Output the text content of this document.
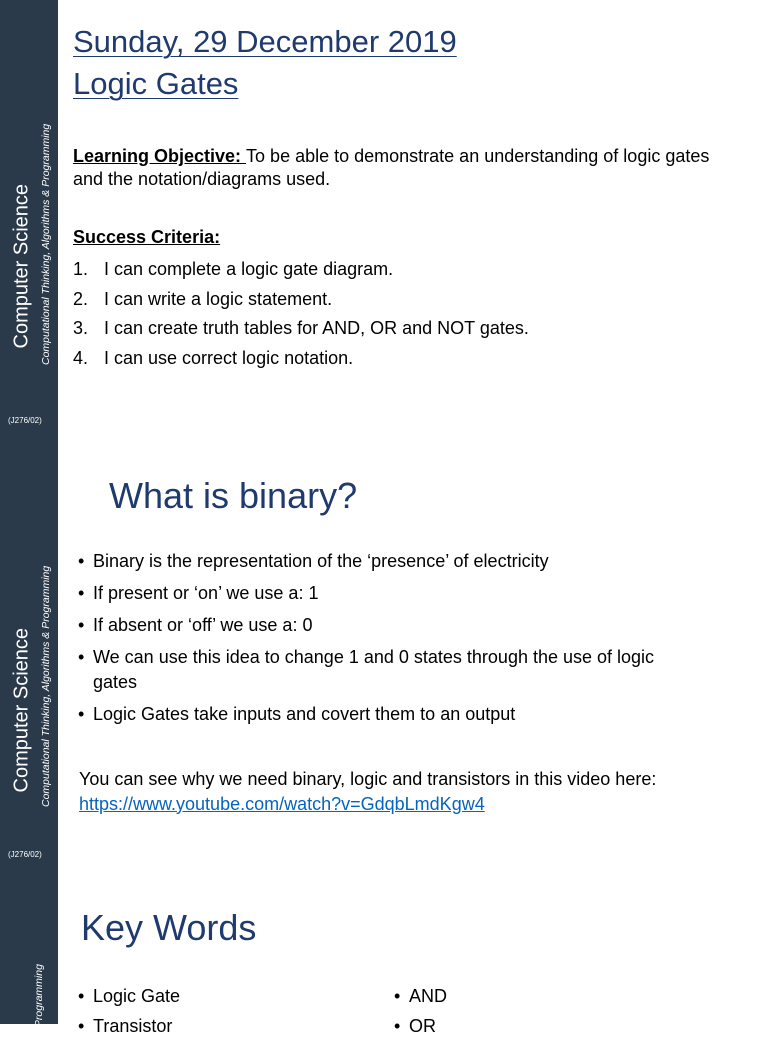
Computer Science Computational Thinking, Algorithms & Programming
(J276/02)
Sunday, 29 December 2019
Logic Gates
Learning Objective: To be able to demonstrate an understanding of logic gates and the notation/diagrams used.
Success Criteria:
1. I can complete a logic gate diagram.
2. I can write a logic statement.
3. I can create truth tables for AND, OR and NOT gates.
4. I can use correct logic notation.
Computer Science Computational Thinking, Algorithms & Programming
(J276/02)
What is binary?
• Binary is the representation of the ‘presence’ of electricity
• If present or ‘on’ we use a: 1
• If absent or ‘off’ we use a: 0
• We can use this idea to change 1 and 0 states through the use of logic gates
• Logic Gates take inputs and covert them to an output
You can see why we need binary, logic and transistors in this video here: https://www.youtube.com/watch?v=GdqbLmdKgw4
& Programming
Key Words
• Logic Gate
• Transistor
• AND
• OR
